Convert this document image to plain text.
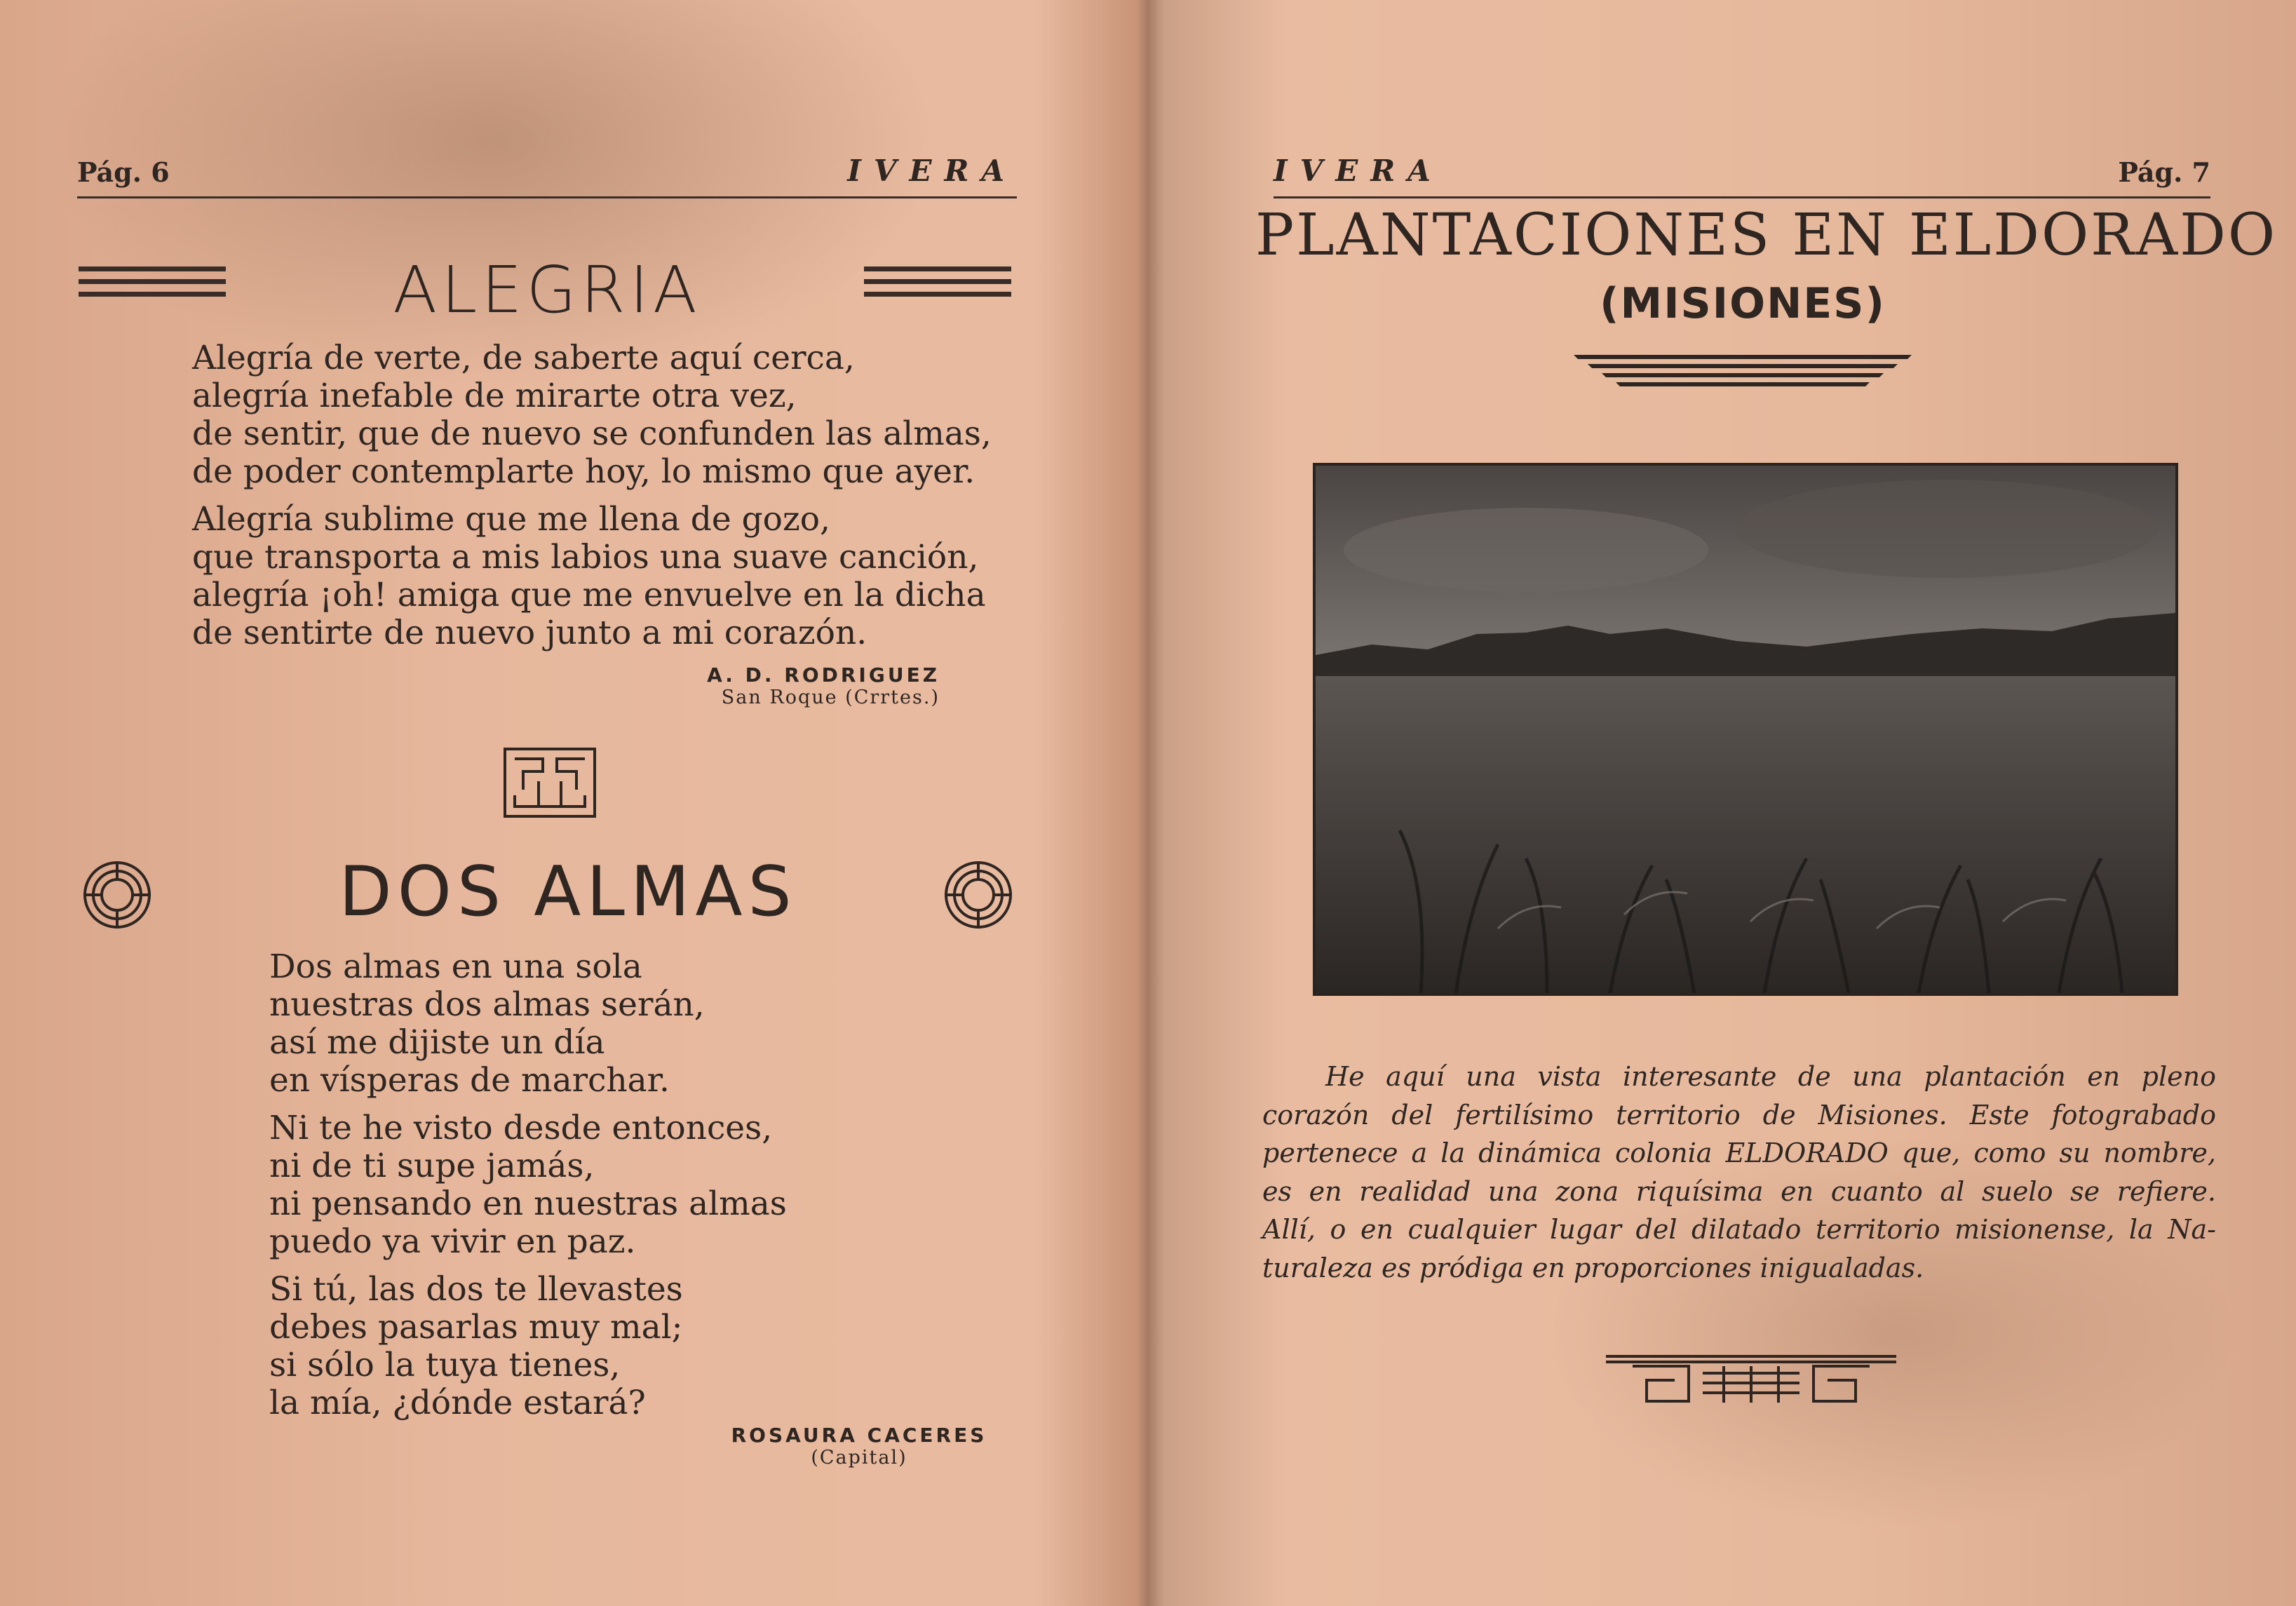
Pág. 6	IVERA
ALEGRIA

Alegría de verte, de saberte aquí cerca,
alegría inefable de mirarte otra vez,
de sentir, que de nuevo se confunden las almas,
de poder contemplarte hoy, lo mismo que ayer.

Alegría sublime que me llena de gozo,
que transporta a mis labios una suave canción,
alegría ¡oh! amiga que me envuelve en la dicha
de sentirte de nuevo junto a mi corazón.

A. D. RODRIGUEZ
San Roque (Crrtes.)
DOS ALMAS

Dos almas en una sola
nuestras dos almas serán,
así me dijiste un día
en vísperas de marchar.

Ni te he visto desde entonces,
ni de ti supe jamás,
ni pensando en nuestras almas
puedo ya vivir en paz.

Si tú, las dos te llevastes
debes pasarlas muy mal;
si sólo la tuya tienes,
la mía, ¿dónde estará?

ROSAURA CACERES
(Capital)
IVERA	Pág. 7
PLANTACIONES EN ELDORADO
(MISIONES)
He aquí una vista interesante de una plantación en pleno
corazón del fertilísimo territorio de Misiones. Este fotograbado
pertenece a la dinámica colonia ELDORADO que, como su nombre,
es en realidad una zona riquísima en cuanto al suelo se refiere.
Allí, o en cualquier lugar del dilatado territorio misionense, la Na-
turaleza es pródiga en proporciones inigualadas.
